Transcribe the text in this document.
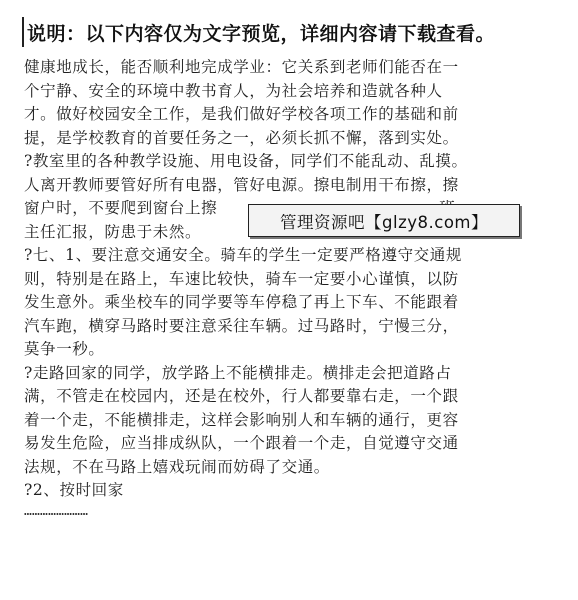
说明：以下内容仅为文字预览，详细内容请下载查看。
健康地成长，能否顺利地完成学业：它关系到老师们能否在一
个宁静、安全的环境中教书育人，为社会培养和造就各种人
才。做好校园安全工作，是我们做好学校各项工作的基础和前
提，是学校教育的首要任务之一，必须长抓不懈，落到实处。
?教室里的各种教学设施、用电设备，同学们不能乱动、乱摸。
人离开教师要管好所有电器，管好电源。擦电制用干布擦，擦
窗户时，不要爬到窗台上擦
主任汇报，防患于未然。
?七、1、要注意交通安全。骑车的学生一定要严格遵守交通规
则，特别是在路上，车速比较快，骑车一定要小心谨慎，以防
发生意外。乘坐校车的同学要等车停稳了再上下车、不能跟着
汽车跑，横穿马路时要注意采往车辆。过马路时，宁慢三分，
莫争一秒。
?走路回家的同学，放学路上不能横排走。横排走会把道路占
满，不管走在校园内，还是在校外，行人都要靠右走，一个跟
着一个走，不能横排走，这样会影响别人和车辆的通行，更容
易发生危险，应当排成纵队，一个跟着一个走，自觉遵守交通
法规，不在马路上嬉戏玩闹而妨碍了交通。
?2、按时回家
……………………
管理资源吧【glzy8.com】
